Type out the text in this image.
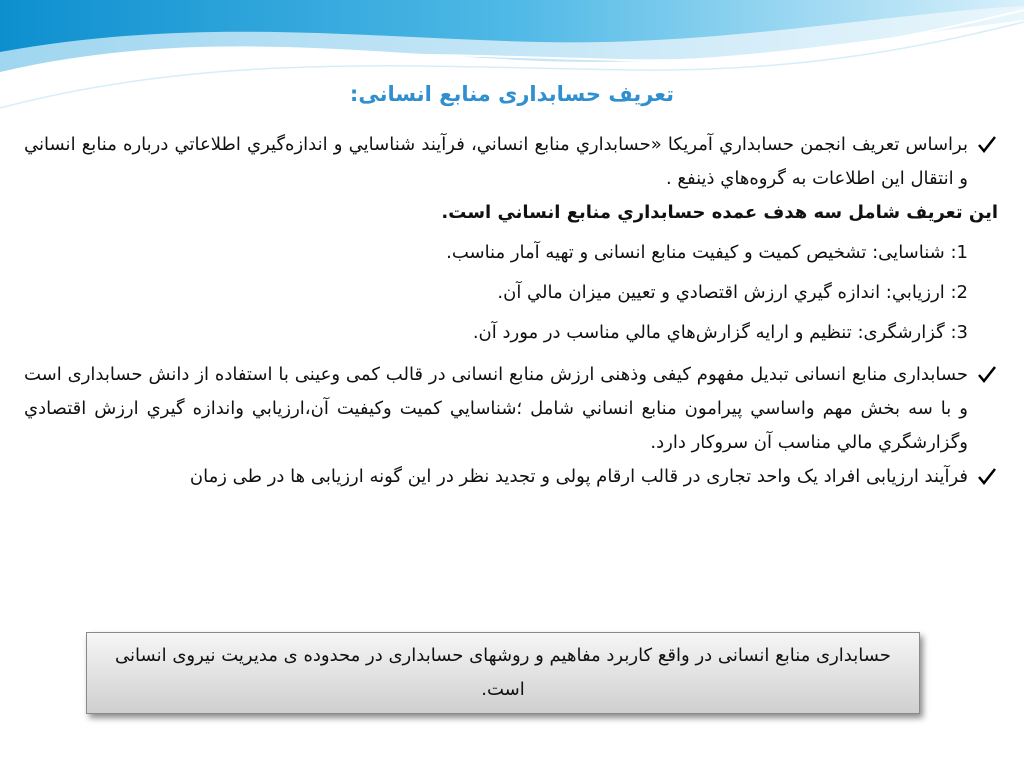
تعریف حسابداری منابع انسانی:
براساس تعريف انجمن حسابداري آمريكا «حسابداري منابع انساني، فرآيند شناسايي و اندازه‌گيري اطلاعاتي درباره منابع انساني و انتقال اين اطلاعات به گروه‌هاي ذينفع .
اين تعريف شامل سه هدف عمده حسابداري منابع انساني است.
1: شناسایی: تشخیص کمیت و کیفیت منابع انسانی و تهیه آمار مناسب.
2: ارزيابي: اندازه گيري ارزش اقتصادي و تعيين ميزان مالي آن.
3: گزارشگری: تنظيم و ارايه گزارش‌هاي مالي مناسب در مورد آن.
حسابداری منابع انسانی تبدیل مفهوم کیفی وذهنی ارزش منابع انسانی در قالب کمی وعینی با استفاده از دانش حسابداری است و با سه بخش مهم واساسي پيرامون منابع انساني شامل ؛شناسايي كميت وكيفيت آن،ارزيابي واندازه گيري ارزش اقتصادي وگزارشگري مالي مناسب آن سروكار دارد.
فرآیند ارزیابی افراد یک واحد تجاری در قالب ارقام پولی و تجدید نظر در این گونه ارزیابی ها در طی زمان
حسابداری منابع انسانی در واقع کاربرد مفاهیم و روشهای حسابداری در محدوده ی مدیریت نیروی انسانی است.
